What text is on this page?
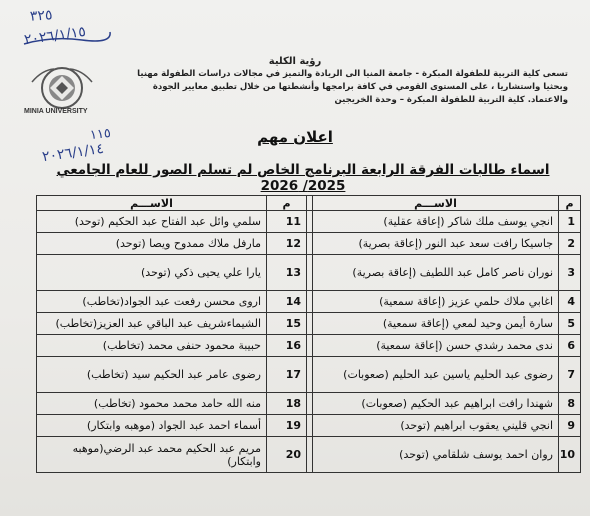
٣٢٥
٢٠٢٦/١/١٥
رؤية الكلية
تسعى كلية التربية للطفولة المبكرة - جامعة المنيا الى الريادة والتميز في مجالات دراسات الطفولة مهنيا وبحثيا واستشاريا ، على المستوى القومي في كافة برامجها وأنشطتها من خلال تطبيق معايير الجودة والاعتماد. كلية التربية للطفولة المبكرة – وحدة الخريجين
MINIA UNIVERSITY
اعلان مهم
١١٥
٢٠٢٦/١/١٤
اسماء طالبات الفرقة الرابعة البرنامج الخاص لم تسلم الصور للعام الجامعي 2025/ 2026
م	الاســـم		م	الاســـم
1	انجي يوسف ملك شاكر (إعاقة عقلية)		11	سلمي وائل عبد الفتاح عبد الحكيم (توحد)
2	جاسيكا رافت سعد عبد النور (إعاقة بصرية)		12	مارفل ملاك ممدوح ويصا (توحد)
3	نوران ناصر كامل عبد اللطيف (إعاقة بصرية)		13	يارا علي يحيى ذكي (توحد)
4	اغابي ملاك حلمي عزيز (إعاقة سمعية)		14	اروى محسن رفعت عبد الجواد(تخاطب)
5	سارة أيمن وحيد لمعي (إعاقة سمعية)		15	الشيماءشريف عبد الباقي عبد العزيز(تخاطب)
6	ندى محمد رشدي حسن (إعاقة سمعية)		16	حبيبة محمود حنفى محمد (تخاطب)
7	رضوى عبد الحليم ياسين عبد الحليم (صعوبات)		17	رضوى عامر عبد الحكيم سيد (تخاطب)
8	شهندا رافت ابراهيم عبد الحكيم (صعوبات)		18	منه الله حامد محمد محمود (تخاطب)
9	انجي قليني يعقوب ابراهيم (توحد)		19	أسماء احمد عبد الجواد (موهبه وابتكار)
10	روان احمد يوسف شلقامي (توحد)		20	مريم عبد الحكيم محمد عبد الرضي(موهبه وابتكار)
